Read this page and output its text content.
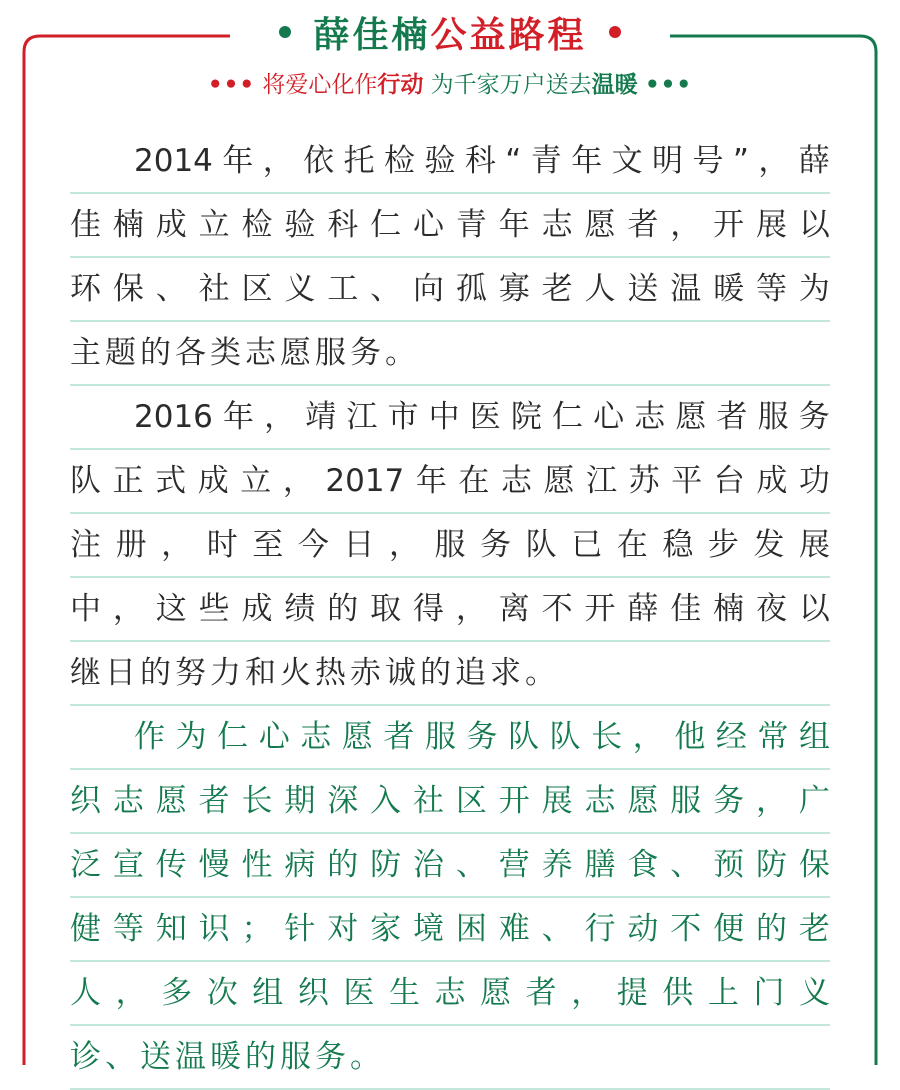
薛佳楠公益路程
••• 将爱心化作行动 为千家万户送去温暖 •••
2014 年 ， 依 托 检 验 科 “ 青 年 文 明 号 ” ， 薛
佳 楠 成 立 检 验 科 仁 心 青 年 志 愿 者 ， 开 展 以
环 保 、 社 区 义 工 、 向 孤 寡 老 人 送 温 暖 等 为
主 题 的 各 类 志 愿 服 务 。
2016 年 ， 靖 江 市 中 医 院 仁 心 志 愿 者 服 务
队 正 式 成 立 ， 2017 年 在 志 愿 江 苏 平 台 成 功
注 册 ， 时 至 今 日 ， 服 务 队 已 在 稳 步 发 展
中 ， 这 些 成 绩 的 取 得 ， 离 不 开 薛 佳 楠 夜 以
继 日 的 努 力 和 火 热 赤 诚 的 追 求 。
作 为 仁 心 志 愿 者 服 务 队 队 长 ， 他 经 常 组
织 志 愿 者 长 期 深 入 社 区 开 展 志 愿 服 务 ， 广
泛 宣 传 慢 性 病 的 防 治 、 营 养 膳 食 、 预 防 保
健 等 知 识 ； 针 对 家 境 困 难 、 行 动 不 便 的 老
人 ， 多 次 组 织 医 生 志 愿 者 ， 提 供 上 门 义
诊 、 送 温 暖 的 服 务 。
